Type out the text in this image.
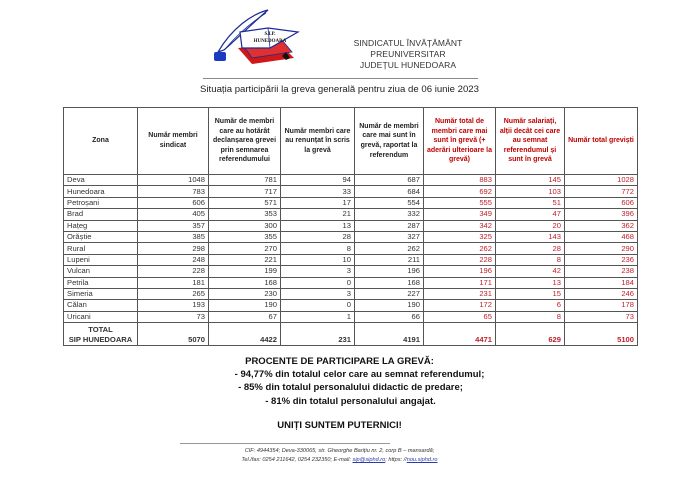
S.I.P.
HUNEDOARA	SINDICATUL ÎNVĂȚĂMÂNT PREUNIVERSITAR
JUDEȚUL HUNEDOARA
Situația participării la greva generală pentru ziua de 06 iunie 2023
Zona	Număr membri sindicat	Număr de membri care au hotărât declanșarea grevei prin semnarea referendumului	Număr membri care au renunțat în scris la grevă	Număr de membri care mai sunt în grevă, raportat la referendum	Număr total de membri care mai sunt în grevă (+ aderări ulterioare la grevă)	Număr salariați, alții decât cei care au semnat referendumul și sunt în grevă	Număr total greviști
Deva	1048	781	94	687	883	145	1028
Hunedoara	783	717	33	684	692	103	772
Petroșani	606	571	17	554	555	51	606
Brad	405	353	21	332	349	47	396
Hațeg	357	300	13	287	342	20	362
Orăștie	385	355	28	327	325	143	468
Rural	298	270	8	262	262	28	290
Lupeni	248	221	10	211	228	8	236
Vulcan	228	199	3	196	196	42	238
Petrila	181	168	0	168	171	13	184
Simeria	265	230	3	227	231	15	246
Călan	193	190	0	190	172	6	178
Uricani	73	67	1	66	65	8	73
TOTAL
SIP HUNEDOARA	5070	4422	231	4191	4471	629	5100
PROCENTE DE PARTICIPARE LA GREVĂ:
- 94,77% din totalul celor care au semnat referendumul;
- 85% din totalul personalului didactic de predare;
- 81% din totalul personalului angajat.
UNIȚI SUNTEM PUTERNICI!
CIF: 4944354; Deva-330065, str. Gheorghe Barițiu nr. 2, corp B – mansardă;
Tel./fax: 0254 211642, 0254 232350; E-mail: sip@siphd.ro; https: //nou.siphd.ro
